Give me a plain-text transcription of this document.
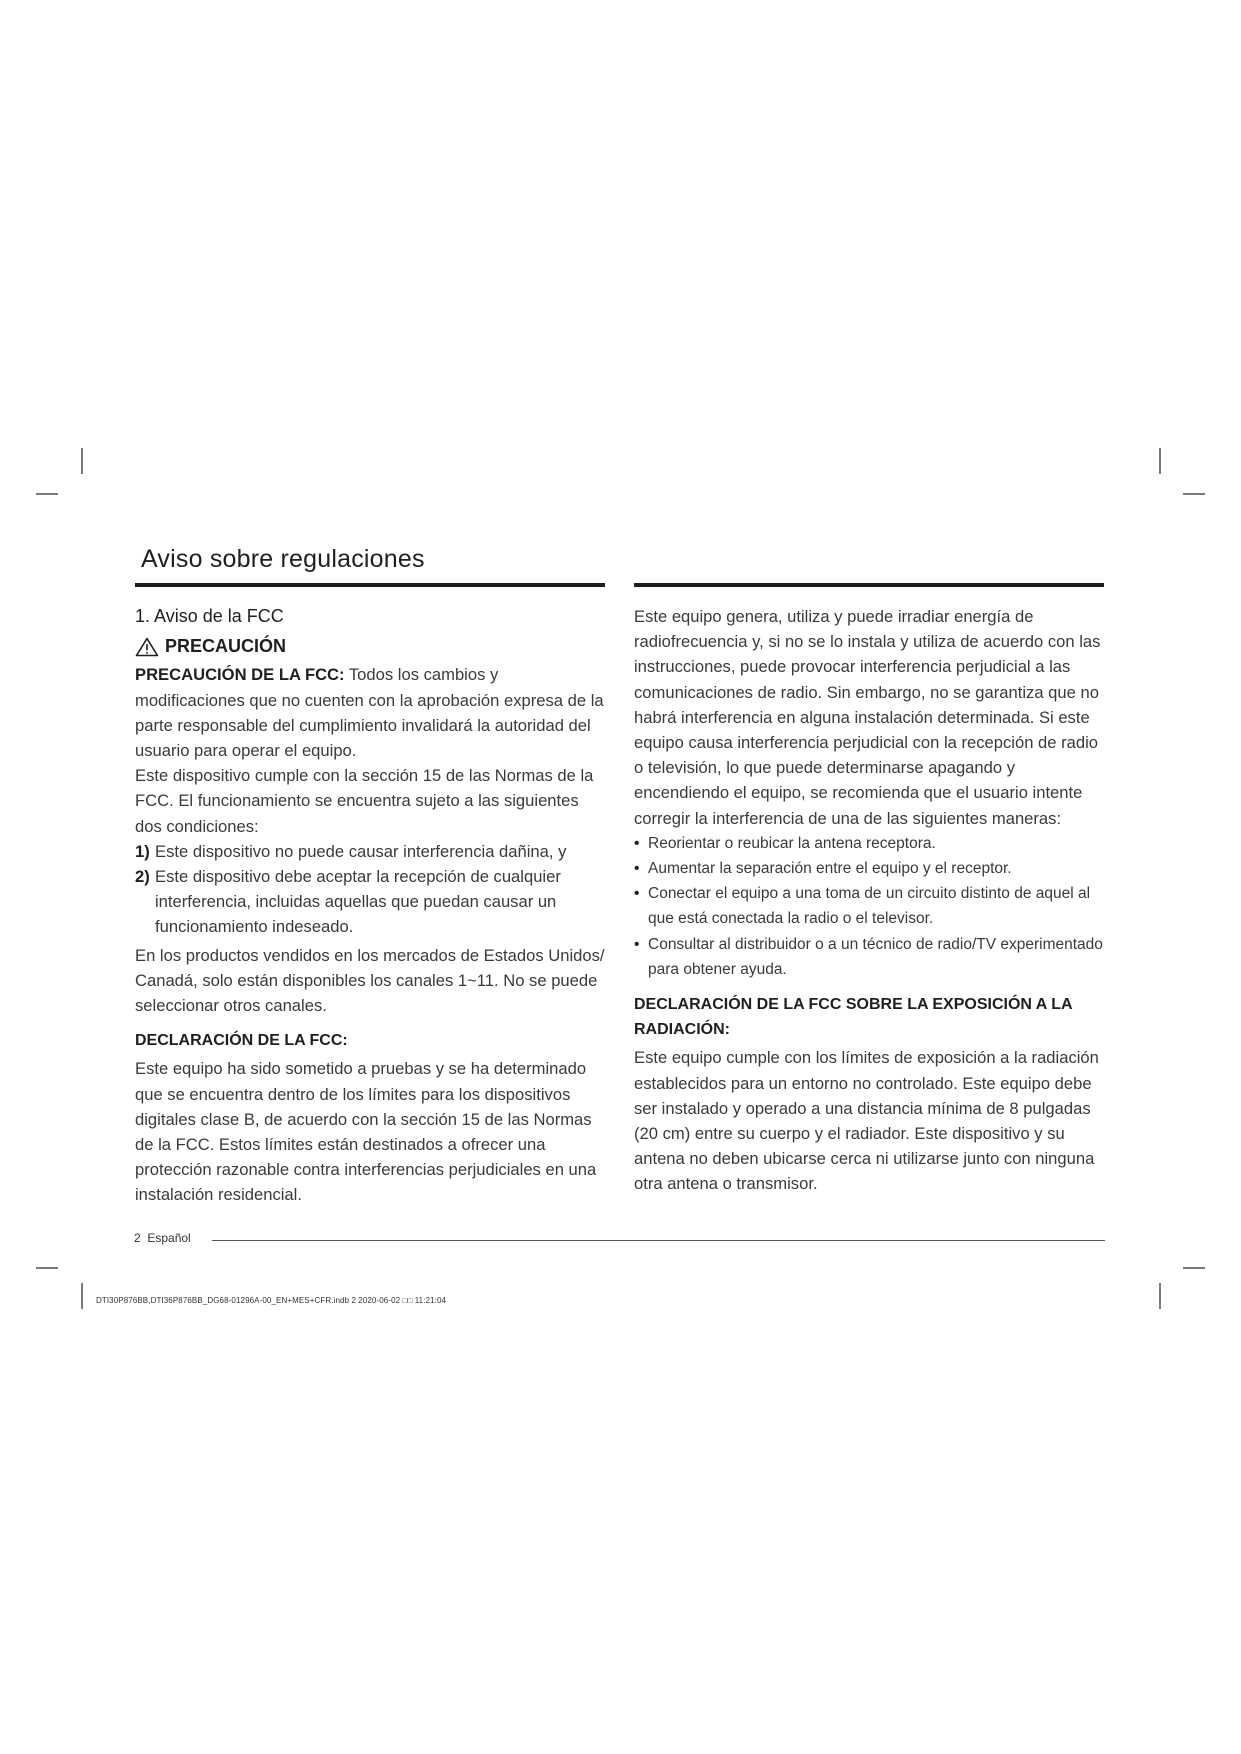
Aviso sobre regulaciones

1. Aviso de la FCC

PRECAUCIÓN

PRECAUCIÓN DE LA FCC: Todos los cambios y modificaciones que no cuenten con la aprobación expresa de la parte responsable del cumplimiento invalidará la autoridad del usuario para operar el equipo.

Este dispositivo cumple con la sección 15 de las Normas de la FCC. El funcionamiento se encuentra sujeto a las siguientes dos condiciones:

1) Este dispositivo no puede causar interferencia dañina, y
2) Este dispositivo debe aceptar la recepción de cualquier interferencia, incluidas aquellas que puedan causar un funcionamiento indeseado.

En los productos vendidos en los mercados de Estados Unidos/ Canadá, solo están disponibles los canales 1~11. No se puede seleccionar otros canales.

DECLARACIÓN DE LA FCC:

Este equipo ha sido sometido a pruebas y se ha determinado que se encuentra dentro de los límites para los dispositivos digitales clase B, de acuerdo con la sección 15 de las Normas de la FCC. Estos límites están destinados a ofrecer una protección razonable contra interferencias perjudiciales en una instalación residencial.

Este equipo genera, utiliza y puede irradiar energía de radiofrecuencia y, si no se lo instala y utiliza de acuerdo con las instrucciones, puede provocar interferencia perjudicial a las comunicaciones de radio. Sin embargo, no se garantiza que no habrá interferencia en alguna instalación determinada. Si este equipo causa interferencia perjudicial con la recepción de radio o televisión, lo que puede determinarse apagando y encendiendo el equipo, se recomienda que el usuario intente corregir la interferencia de una de las siguientes maneras:

• Reorientar o reubicar la antena receptora.
• Aumentar la separación entre el equipo y el receptor.
• Conectar el equipo a una toma de un circuito distinto de aquel al que está conectada la radio o el televisor.
• Consultar al distribuidor o a un técnico de radio/TV experimentado para obtener ayuda.

DECLARACIÓN DE LA FCC SOBRE LA EXPOSICIÓN A LA RADIACIÓN:

Este equipo cumple con los límites de exposición a la radiación establecidos para un entorno no controlado. Este equipo debe ser instalado y operado a una distancia mínima de 8 pulgadas (20 cm) entre su cuerpo y el radiador. Este dispositivo y su antena no deben ubicarse cerca ni utilizarse junto con ninguna otra antena o transmisor.

2 Español
DTI30P876BB,DTI36P876BB_DG68-01296A-00_EN+MES+CFR.indb 2 2020-06-02 □□ 11:21:04
